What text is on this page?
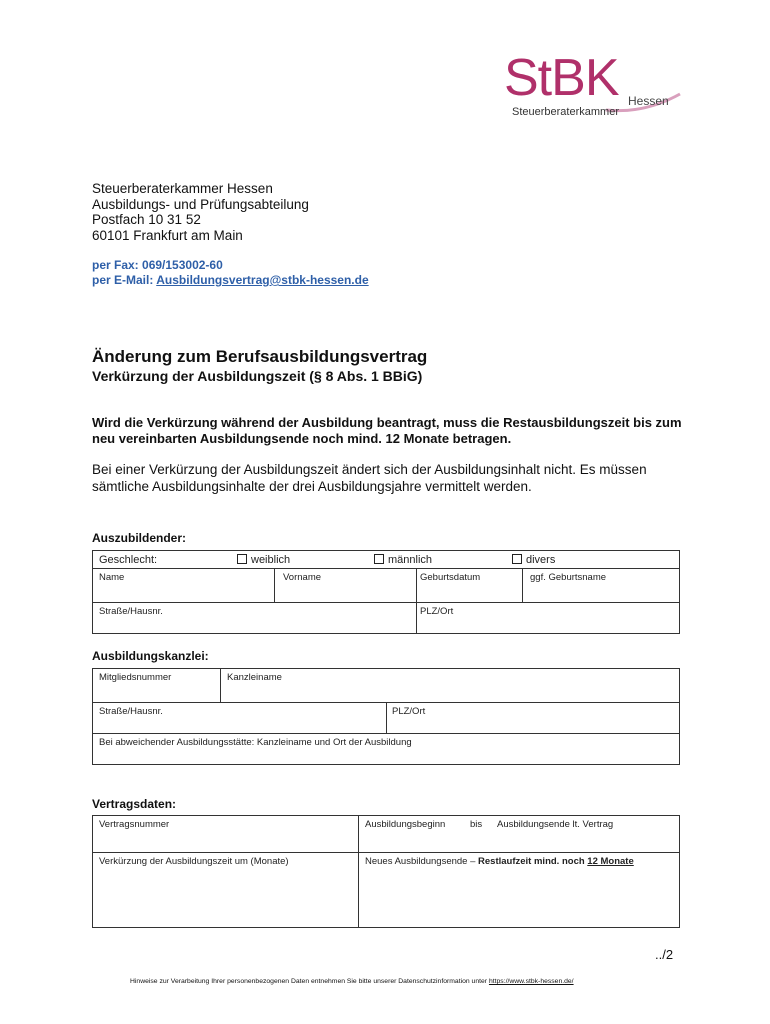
StBK Hessen
Steuerberaterkammer
Steuerberaterkammer Hessen
Ausbildungs- und Prüfungsabteilung
Postfach 10 31 52
60101 Frankfurt am Main
per Fax: 069/153002-60
per E-Mail: Ausbildungsvertrag@stbk-hessen.de
Änderung zum Berufsausbildungsvertrag
Verkürzung der Ausbildungszeit (§ 8 Abs. 1 BBiG)
Wird die Verkürzung während der Ausbildung beantragt, muss die Restausbildungszeit bis zum neu vereinbarten Ausbildungsende noch mind. 12 Monate betragen.
Bei einer Verkürzung der Ausbildungszeit ändert sich der Ausbildungsinhalt nicht. Es müssen sämtliche Ausbildungsinhalte der drei Ausbildungsjahre vermittelt werden.
Auszubildender:
Geschlecht:	weiblich	männlich	divers
Name	Vorname	Geburtsdatum	ggf. Geburtsname
Straße/Hausnr.	PLZ/Ort
Ausbildungskanzlei:
Mitgliedsnummer	Kanzleiname
Straße/Hausnr.	PLZ/Ort
Bei abweichender Ausbildungsstätte: Kanzleiname und Ort der Ausbildung
Vertragsdaten:
Vertragsnummer	Ausbildungsbeginn	bis Ausbildungsende lt. Vertrag
Verkürzung der Ausbildungszeit um (Monate)	Neues Ausbildungsende – Restlaufzeit mind. noch 12 Monate
../2
Hinweise zur Verarbeitung Ihrer personenbezogenen Daten entnehmen Sie bitte unserer Datenschutzinformation unter https://www.stbk-hessen.de/
